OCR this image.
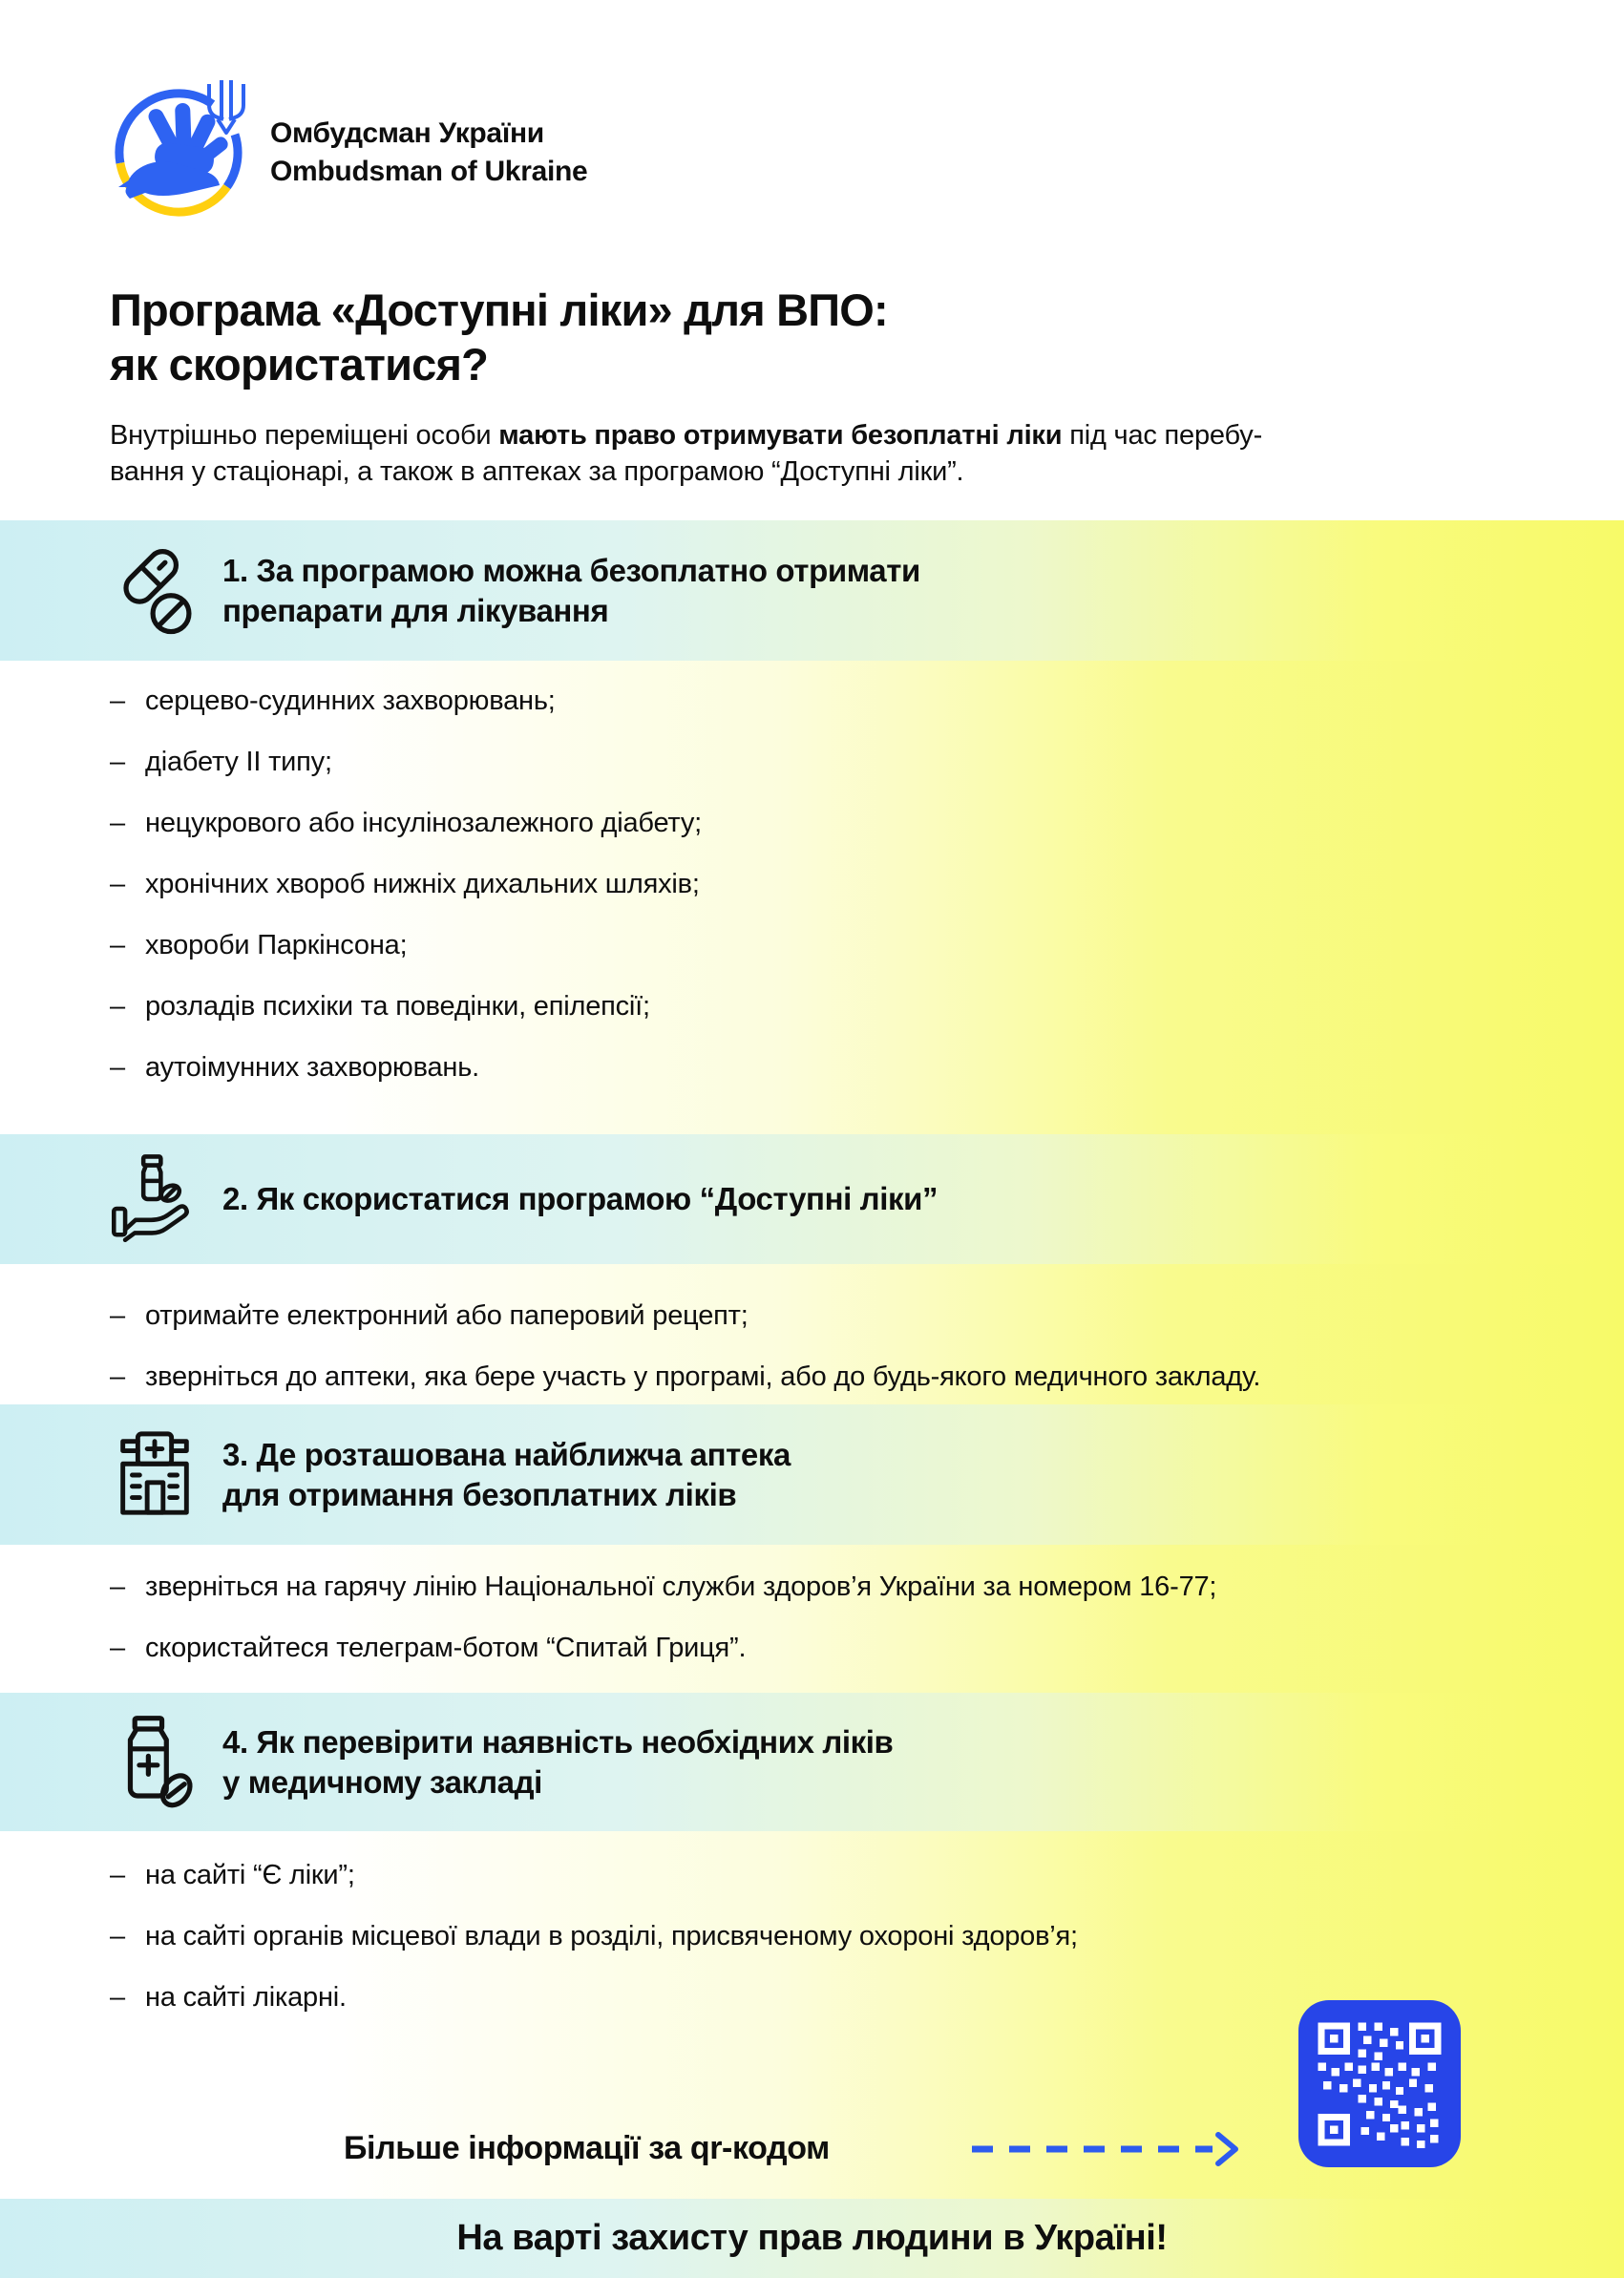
Омбудсман України
Ombudsman of Ukraine
Програма «Доступні ліки» для ВПО:
як скористатися?
Внутрішньо переміщені особи мають право отримувати безоплатні ліки під час перебу-
вання у стаціонарі, а також в аптеках за програмою “Доступні ліки”.
1. За програмою можна безоплатно отримати
препарати для лікування
– серцево-судинних захворювань;
– діабету ІІ типу;
– нецукрового або інсулінозалежного діабету;
– хронічних хвороб нижніх дихальних шляхів;
– хвороби Паркінсона;
– розладів психіки та поведінки, епілепсії;
– аутоімунних захворювань.
2. Як скористатися програмою “Доступні ліки”
– отримайте електронний або паперовий рецепт;
– зверніться до аптеки, яка бере участь у програмі, або до будь-якого медичного закладу.
3. Де розташована найближча аптека
для отримання безоплатних ліків
– зверніться на гарячу лінію Національної служби здоров’я України за номером 16-77;
– скористайтеся телеграм-ботом “Спитай Гриця”.
4. Як перевірити наявність необхідних ліків
у медичному закладі
– на сайті “Є ліки”;
– на сайті органів місцевої влади в розділі, присвяченому охороні здоров’я;
– на сайті лікарні.
Більше інформації за qr-кодом
На варті захисту прав людини в Україні!
